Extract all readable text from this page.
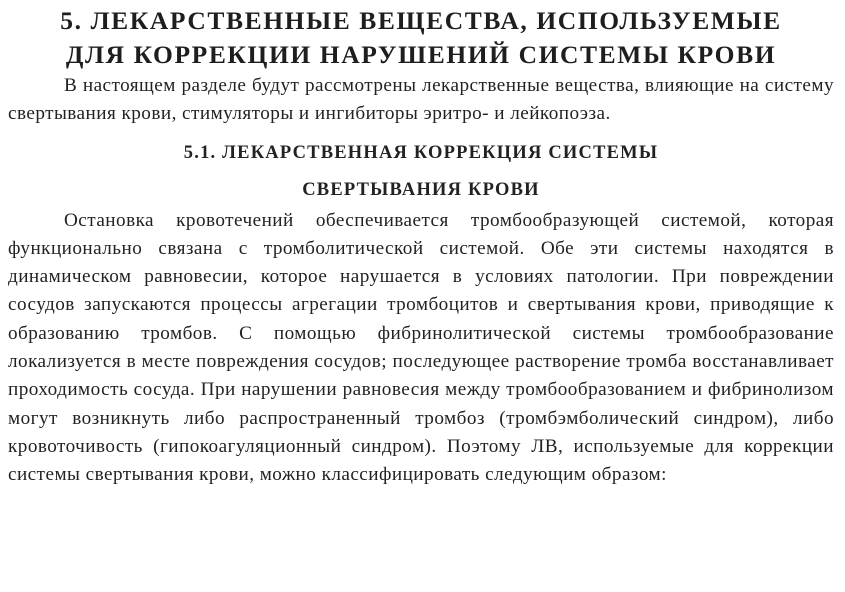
5. ЛЕКАРСТВЕННЫЕ ВЕЩЕСТВА, ИСПОЛЬЗУЕМЫЕ
ДЛЯ КОРРЕКЦИИ НАРУШЕНИЙ СИСТЕМЫ КРОВИ

В настоящем разделе будут рассмотрены лекарственные вещества, влияющие на систему свертывания крови, стимуляторы и ингибиторы эритро- и лейкопоэза.

5.1. ЛЕКАРСТВЕННАЯ КОРРЕКЦИЯ СИСТЕМЫ
СВЕРТЫВАНИЯ КРОВИ

Остановка кровотечений обеспечивается тромбообразующей системой, которая функционально связана с тромболитической системой. Обе эти системы находятся в динамическом равновесии, которое нарушается в условиях патологии. При повреждении сосудов запускаются процессы агрегации тромбоцитов и свертывания крови, приводящие к образованию тромбов. С помощью фибринолитической системы тромбообразование локализуется в месте повреждения сосудов; последующее растворение тромба восстанавливает проходимость сосуда. При нарушении равновесия между тромбообразованием и фибринолизом могут возникнуть либо распространенный тромбоз (тромбэмболический синдром), либо кровоточивость (гипокоагуляционный синдром). Поэтому ЛВ, используемые для коррекции системы свертывания крови, можно классифицировать следующим образом:
